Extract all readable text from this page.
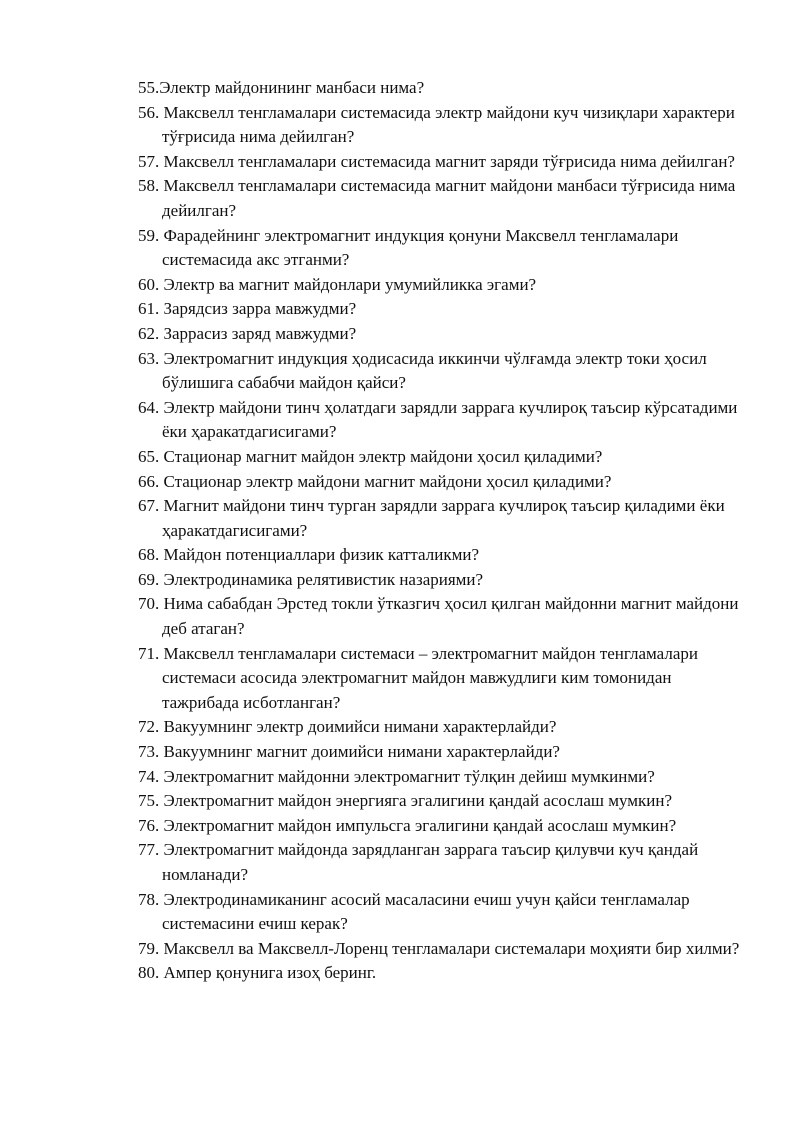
55.Электр майдонининг манбаси нима?
56. Максвелл тенгламалари системасида электр майдони куч чизиқлари характери тўғрисида нима дейилган?
57. Максвелл тенгламалари системасида магнит заряди тўғрисида нима дейилган?
58. Максвелл тенгламалари системасида магнит майдони манбаси тўғрисида нима дейилган?
59. Фарадейнинг электромагнит индукция қонуни Максвелл тенгламалари системасида акс этганми?
60. Электр ва магнит майдонлари умумийликка эгами?
61. Зарядсиз зарра мавжудми?
62. Заррасиз заряд мавжудми?
63. Электромагнит индукция ҳодисасида иккинчи чўлғамда электр токи ҳосил бўлишига сабабчи майдон қайси?
64. Электр майдони тинч ҳолатдаги зарядли заррага кучлироқ таъсир кўрсатадими ёки ҳаракатдагисигами?
65. Стационар магнит майдон электр майдони ҳосил қиладими?
66. Стационар электр майдони магнит майдони ҳосил қиладими?
67. Магнит майдони тинч турган зарядли заррага кучлироқ таъсир қиладими ёки ҳаракатдагисигами?
68. Майдон потенциаллари физик катталикми?
69. Электродинамика релятивистик назариями?
70. Нима сабабдан Эрстед токли ўтказгич ҳосил қилган майдонни магнит майдони деб атаган?
71. Максвелл тенгламалари системаси – электромагнит майдон тенгламалари системаси асосида электромагнит майдон мавжудлиги ким томонидан тажрибада исботланган?
72. Вакуумнинг электр доимийси нимани характерлайди?
73. Вакуумнинг магнит доимийси нимани характерлайди?
74. Электромагнит майдонни электромагнит тўлқин дейиш мумкинми?
75. Электромагнит майдон энергияга эгалигини қандай асослаш мумкин?
76. Электромагнит майдон импульсга эгалигини қандай асослаш мумкин?
77. Электромагнит майдонда зарядланган заррага таъсир қилувчи куч қандай номланади?
78. Электродинамиканинг асосий масаласини ечиш учун қайси тенгламалар системасини ечиш керак?
79. Максвелл ва Максвелл-Лоренц тенгламалари системалари моҳияти бир хилми?
80. Ампер қонунига изоҳ беринг.
